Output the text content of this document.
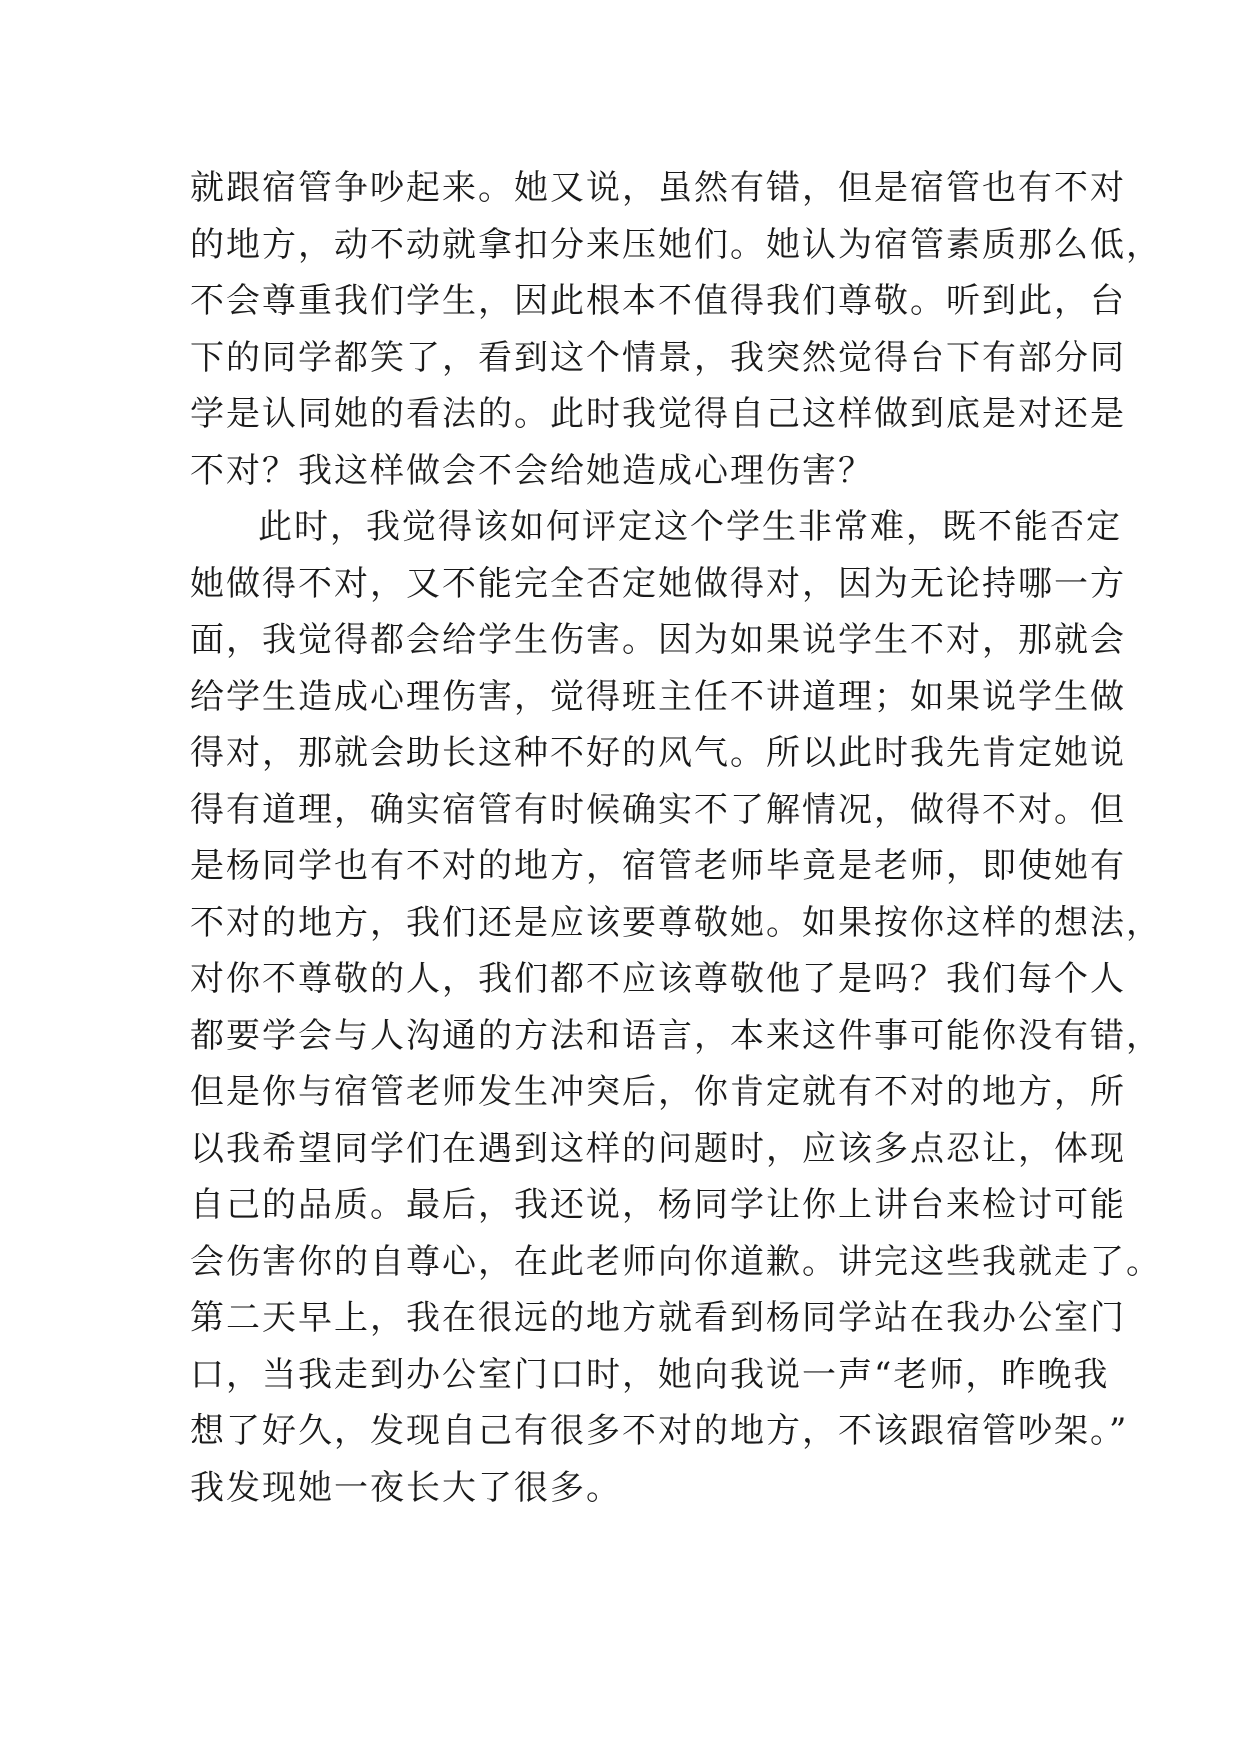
就跟宿管争吵起来。她又说，虽然有错，但是宿管也有不对
的地方，动不动就拿扣分来压她们。她认为宿管素质那么低，
不会尊重我们学生，因此根本不值得我们尊敬。听到此，台
下的同学都笑了，看到这个情景，我突然觉得台下有部分同
学是认同她的看法的。此时我觉得自己这样做到底是对还是
不对？我这样做会不会给她造成心理伤害？
此时，我觉得该如何评定这个学生非常难，既不能否定
她做得不对，又不能完全否定她做得对，因为无论持哪一方
面，我觉得都会给学生伤害。因为如果说学生不对，那就会
给学生造成心理伤害，觉得班主任不讲道理；如果说学生做
得对，那就会助长这种不好的风气。所以此时我先肯定她说
得有道理，确实宿管有时候确实不了解情况，做得不对。但
是杨同学也有不对的地方，宿管老师毕竟是老师，即使她有
不对的地方，我们还是应该要尊敬她。如果按你这样的想法，
对你不尊敬的人，我们都不应该尊敬他了是吗？我们每个人
都要学会与人沟通的方法和语言，本来这件事可能你没有错，
但是你与宿管老师发生冲突后，你肯定就有不对的地方，所
以我希望同学们在遇到这样的问题时，应该多点忍让，体现
自己的品质。最后，我还说，杨同学让你上讲台来检讨可能
会伤害你的自尊心，在此老师向你道歉。讲完这些我就走了。
第二天早上，我在很远的地方就看到杨同学站在我办公室门
口，当我走到办公室门口时，她向我说一声“老师，昨晚我
想了好久，发现自己有很多不对的地方，不该跟宿管吵架。”
我发现她一夜长大了很多。
